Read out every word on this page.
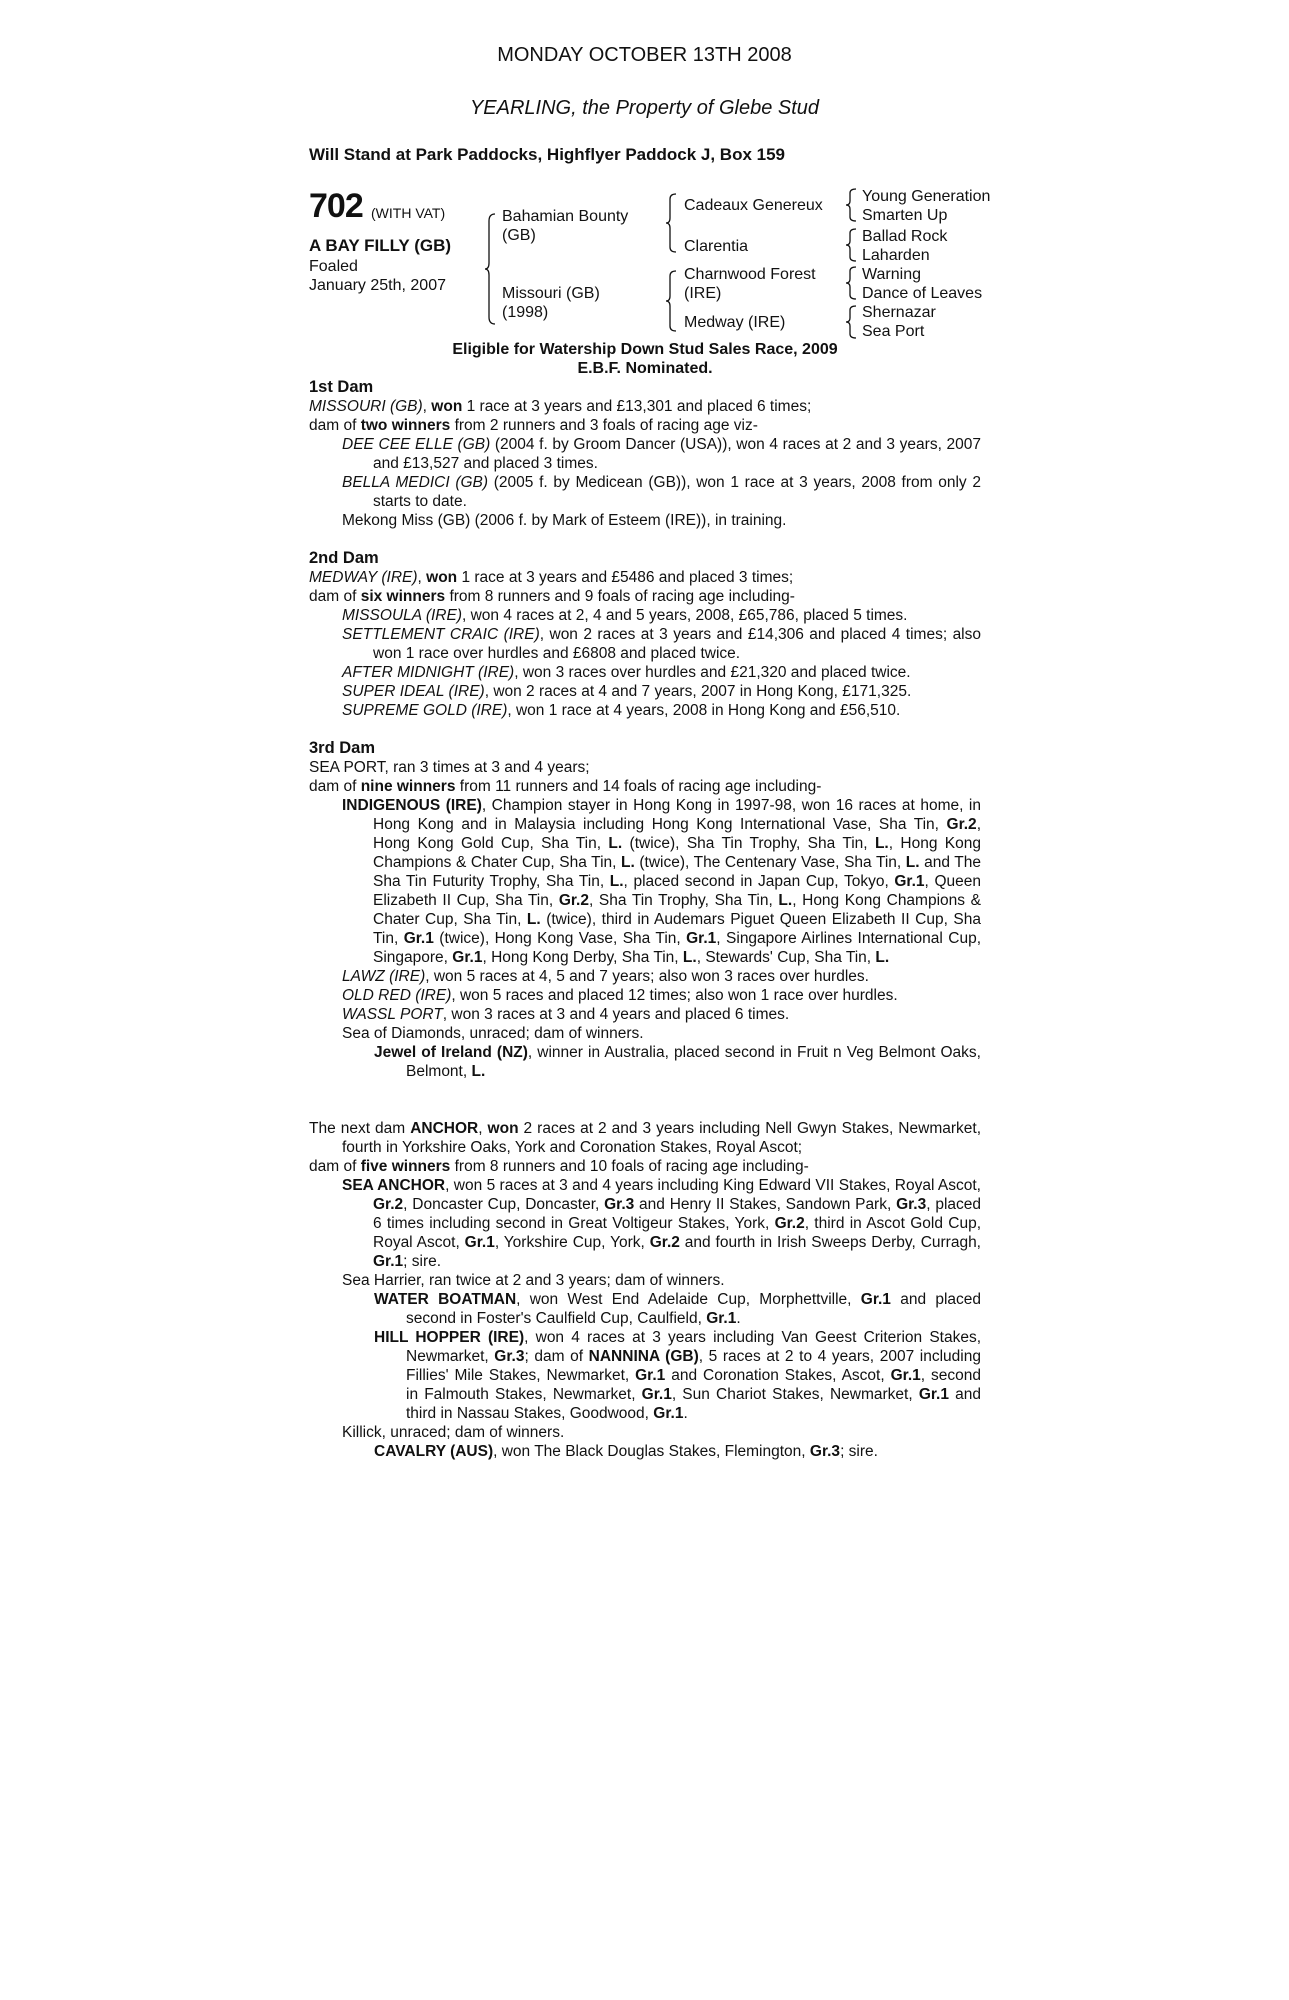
MONDAY OCTOBER 13TH 2008
YEARLING, the Property of Glebe Stud
Will Stand at Park Paddocks, Highflyer Paddock J, Box 159
702 (WITH VAT)
A BAY FILLY (GB)
Foaled
January 25th, 2007
Bahamian Bounty
(GB)
Missouri (GB)
(1998)
Cadeaux Genereux
Clarentia
Charnwood Forest
(IRE)
Medway (IRE)
Young Generation
Smarten Up
Ballad Rock
Laharden
Warning
Dance of Leaves
Shernazar
Sea Port
Eligible for Watership Down Stud Sales Race, 2009
E.B.F. Nominated.

1st Dam

MISSOURI (GB), won 1 race at 3 years and £13,301 and placed 6 times;

dam of two winners from 2 runners and 3 foals of racing age viz-

DEE CEE ELLE (GB) (2004 f. by Groom Dancer (USA)), won 4 races at 2 and 3 years, 2007 and £13,527 and placed 3 times.

BELLA MEDICI (GB) (2005 f. by Medicean (GB)), won 1 race at 3 years, 2008 from only 2 starts to date.

Mekong Miss (GB) (2006 f. by Mark of Esteem (IRE)), in training.

2nd Dam

MEDWAY (IRE), won 1 race at 3 years and £5486 and placed 3 times;

dam of six winners from 8 runners and 9 foals of racing age including-

MISSOULA (IRE), won 4 races at 2, 4 and 5 years, 2008, £65,786, placed 5 times.

SETTLEMENT CRAIC (IRE), won 2 races at 3 years and £14,306 and placed 4 times; also won 1 race over hurdles and £6808 and placed twice.

AFTER MIDNIGHT (IRE), won 3 races over hurdles and £21,320 and placed twice.

SUPER IDEAL (IRE), won 2 races at 4 and 7 years, 2007 in Hong Kong, £171,325.

SUPREME GOLD (IRE), won 1 race at 4 years, 2008 in Hong Kong and £56,510.

3rd Dam

SEA PORT, ran 3 times at 3 and 4 years;

dam of nine winners from 11 runners and 14 foals of racing age including-

INDIGENOUS (IRE), Champion stayer in Hong Kong in 1997-98, won 16 races at home, in Hong Kong and in Malaysia including Hong Kong International Vase, Sha Tin, Gr.2, Hong Kong Gold Cup, Sha Tin, L. (twice), Sha Tin Trophy, Sha Tin, L., Hong Kong Champions & Chater Cup, Sha Tin, L. (twice), The Centenary Vase, Sha Tin, L. and The Sha Tin Futurity Trophy, Sha Tin, L., placed second in Japan Cup, Tokyo, Gr.1, Queen Elizabeth II Cup, Sha Tin, Gr.2, Sha Tin Trophy, Sha Tin, L., Hong Kong Champions & Chater Cup, Sha Tin, L. (twice), third in Audemars Piguet Queen Elizabeth II Cup, Sha Tin, Gr.1 (twice), Hong Kong Vase, Sha Tin, Gr.1, Singapore Airlines International Cup, Singapore, Gr.1, Hong Kong Derby, Sha Tin, L., Stewards' Cup, Sha Tin, L.

LAWZ (IRE), won 5 races at 4, 5 and 7 years; also won 3 races over hurdles.

OLD RED (IRE), won 5 races and placed 12 times; also won 1 race over hurdles.

WASSL PORT, won 3 races at 3 and 4 years and placed 6 times.

Sea of Diamonds, unraced; dam of winners.

Jewel of Ireland (NZ), winner in Australia, placed second in Fruit n Veg Belmont Oaks, Belmont, L.

The next dam ANCHOR, won 2 races at 2 and 3 years including Nell Gwyn Stakes, Newmarket, fourth in Yorkshire Oaks, York and Coronation Stakes, Royal Ascot;

dam of five winners from 8 runners and 10 foals of racing age including-

SEA ANCHOR, won 5 races at 3 and 4 years including King Edward VII Stakes, Royal Ascot, Gr.2, Doncaster Cup, Doncaster, Gr.3 and Henry II Stakes, Sandown Park, Gr.3, placed 6 times including second in Great Voltigeur Stakes, York, Gr.2, third in Ascot Gold Cup, Royal Ascot, Gr.1, Yorkshire Cup, York, Gr.2 and fourth in Irish Sweeps Derby, Curragh, Gr.1; sire.

Sea Harrier, ran twice at 2 and 3 years; dam of winners.

WATER BOATMAN, won West End Adelaide Cup, Morphettville, Gr.1 and placed second in Foster's Caulfield Cup, Caulfield, Gr.1.

HILL HOPPER (IRE), won 4 races at 3 years including Van Geest Criterion Stakes, Newmarket, Gr.3; dam of NANNINA (GB), 5 races at 2 to 4 years, 2007 including Fillies' Mile Stakes, Newmarket, Gr.1 and Coronation Stakes, Ascot, Gr.1, second in Falmouth Stakes, Newmarket, Gr.1, Sun Chariot Stakes, Newmarket, Gr.1 and third in Nassau Stakes, Goodwood, Gr.1.

Killick, unraced; dam of winners.

CAVALRY (AUS), won The Black Douglas Stakes, Flemington, Gr.3; sire.
